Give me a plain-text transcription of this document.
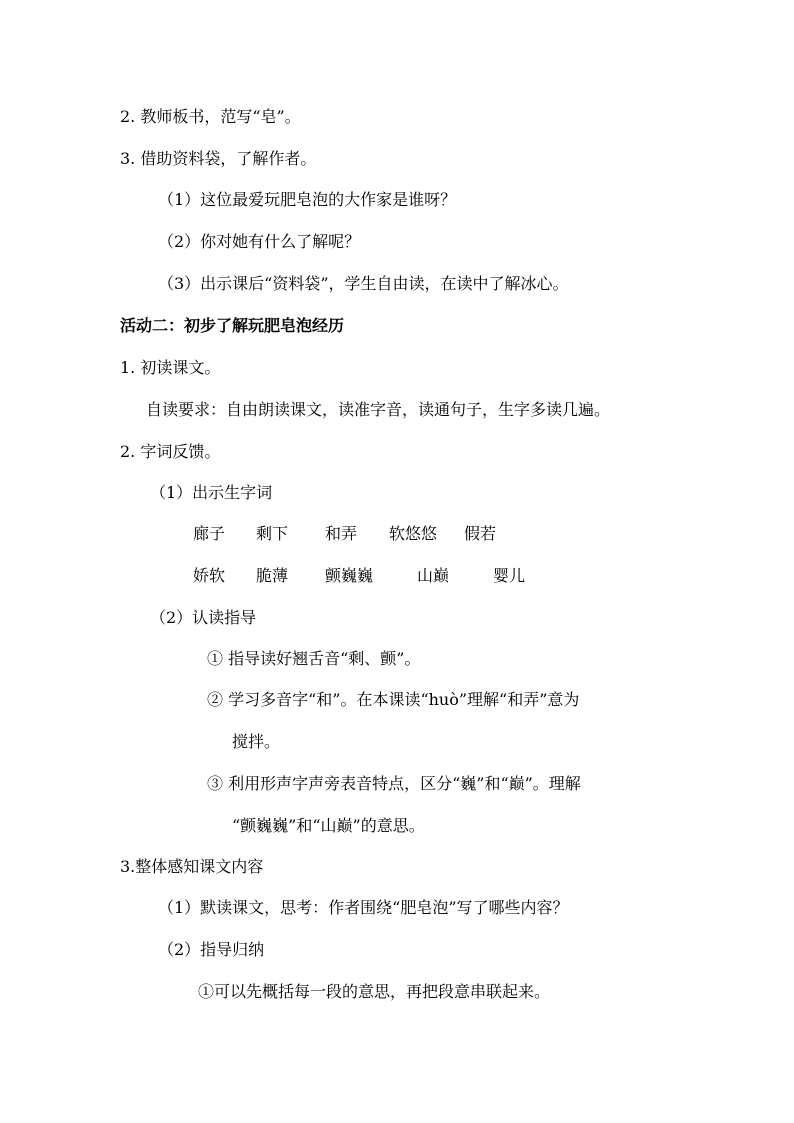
2. 教师板书，范写“皂”。
3. 借助资料袋，了解作者。
（1）这位最爱玩肥皂泡的大作家是谁呀？
（2）你对她有什么了解呢？
（3）出示课后“资料袋”，学生自由读，在读中了解冰心。
活动二：初步了解玩肥皂泡经历
1. 初读课文。
自读要求：自由朗读课文，读准字音，读通句子，生字多读几遍。
2. 字词反馈。
（1）出示生字词
廊子 剩下 和弄 软悠悠 假若
娇软 脆薄 颤巍巍	山巅	婴儿
（2）认读指导
① 指导读好翘舌音“剩、颤”。
② 学习多音字“和”。在本课读“huò”理解“和弄”意为
搅拌。
③ 利用形声字声旁表音特点，区分“巍”和“巅”。理解
“颤巍巍”和“山巅”的意思。
3.整体感知课文内容
（1）默读课文，思考：作者围绕“肥皂泡”写了哪些内容？
（2）指导归纳
①可以先概括每一段的意思，再把段意串联起来。
